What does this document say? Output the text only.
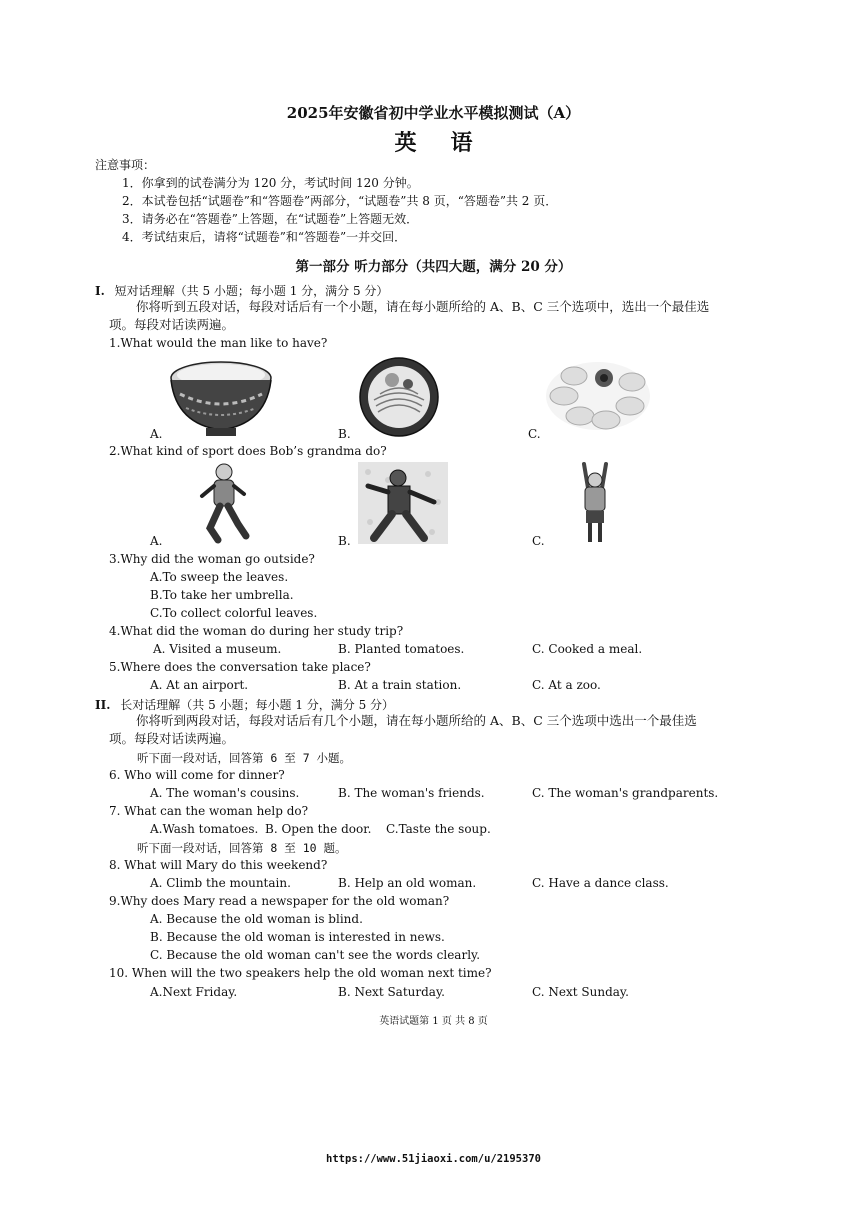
2025年安徽省初中学业水平模拟测试（A）
英语
注意事项：
1．你拿到的试卷满分为 120 分，考试时间 120 分钟。
2．本试卷包括“试题卷”和“答题卷”两部分，“试题卷”共 8 页，“答题卷”共 2 页．
3．请务必在“答题卷”上答题，在“试题卷”上答题无效．
4．考试结束后，请将“试题卷”和“答题卷”一并交回．
第一部分 听力部分（共四大题，满分 20 分）
I. 短对话理解（共 5 小题；每小题 1 分，满分 5 分）
你将听到五段对话，每段对话后有一个小题，请在每小题所给的 A、B、C 三个选项中，选出一个最佳选项。每段对话读两遍。
1.What would the man like to have?
A.	B.	C.
2.What kind of sport does Bob’s grandma do?
A.	B.	C.
3.Why did the woman go outside?
A.To sweep the leaves.
B.To take her umbrella.
C.To collect colorful leaves.
4.What did the woman do during her study trip?
A. Visited a museum.	B. Planted tomatoes.	C. Cooked a meal.
5.Where does the conversation take place?
A. At an airport.	B. At a train station.	C. At a zoo.
II. 长对话理解（共 5 小题；每小题 1 分，满分 5 分）
你将听到两段对话，每段对话后有几个小题，请在每小题所给的 A、B、C 三个选项中选出一个最佳选项。每段对话读两遍。
听下面一段对话，回答第 6 至 7 小题。
6. Who will come for dinner?
A. The woman's cousins.	B. The woman's friends.	C. The woman's grandparents.
7. What can the woman help do?
A.Wash tomatoes. B. Open the door. C.Taste the soup.
听下面一段对话，回答第 8 至 10 题。
8. What will Mary do this weekend?
A. Climb the mountain.	B. Help an old woman.	C. Have a dance class.
9.Why does Mary read a newspaper for the old woman?
A. Because the old woman is blind.
B. Because the old woman is interested in news.
C. Because the old woman can't see the words clearly.
10. When will the two speakers help the old woman next time?
A.Next Friday.	B. Next Saturday.	C. Next Sunday.
英语试题第 1 页 共 8 页
https://www.51jiaoxi.com/u/2195370
